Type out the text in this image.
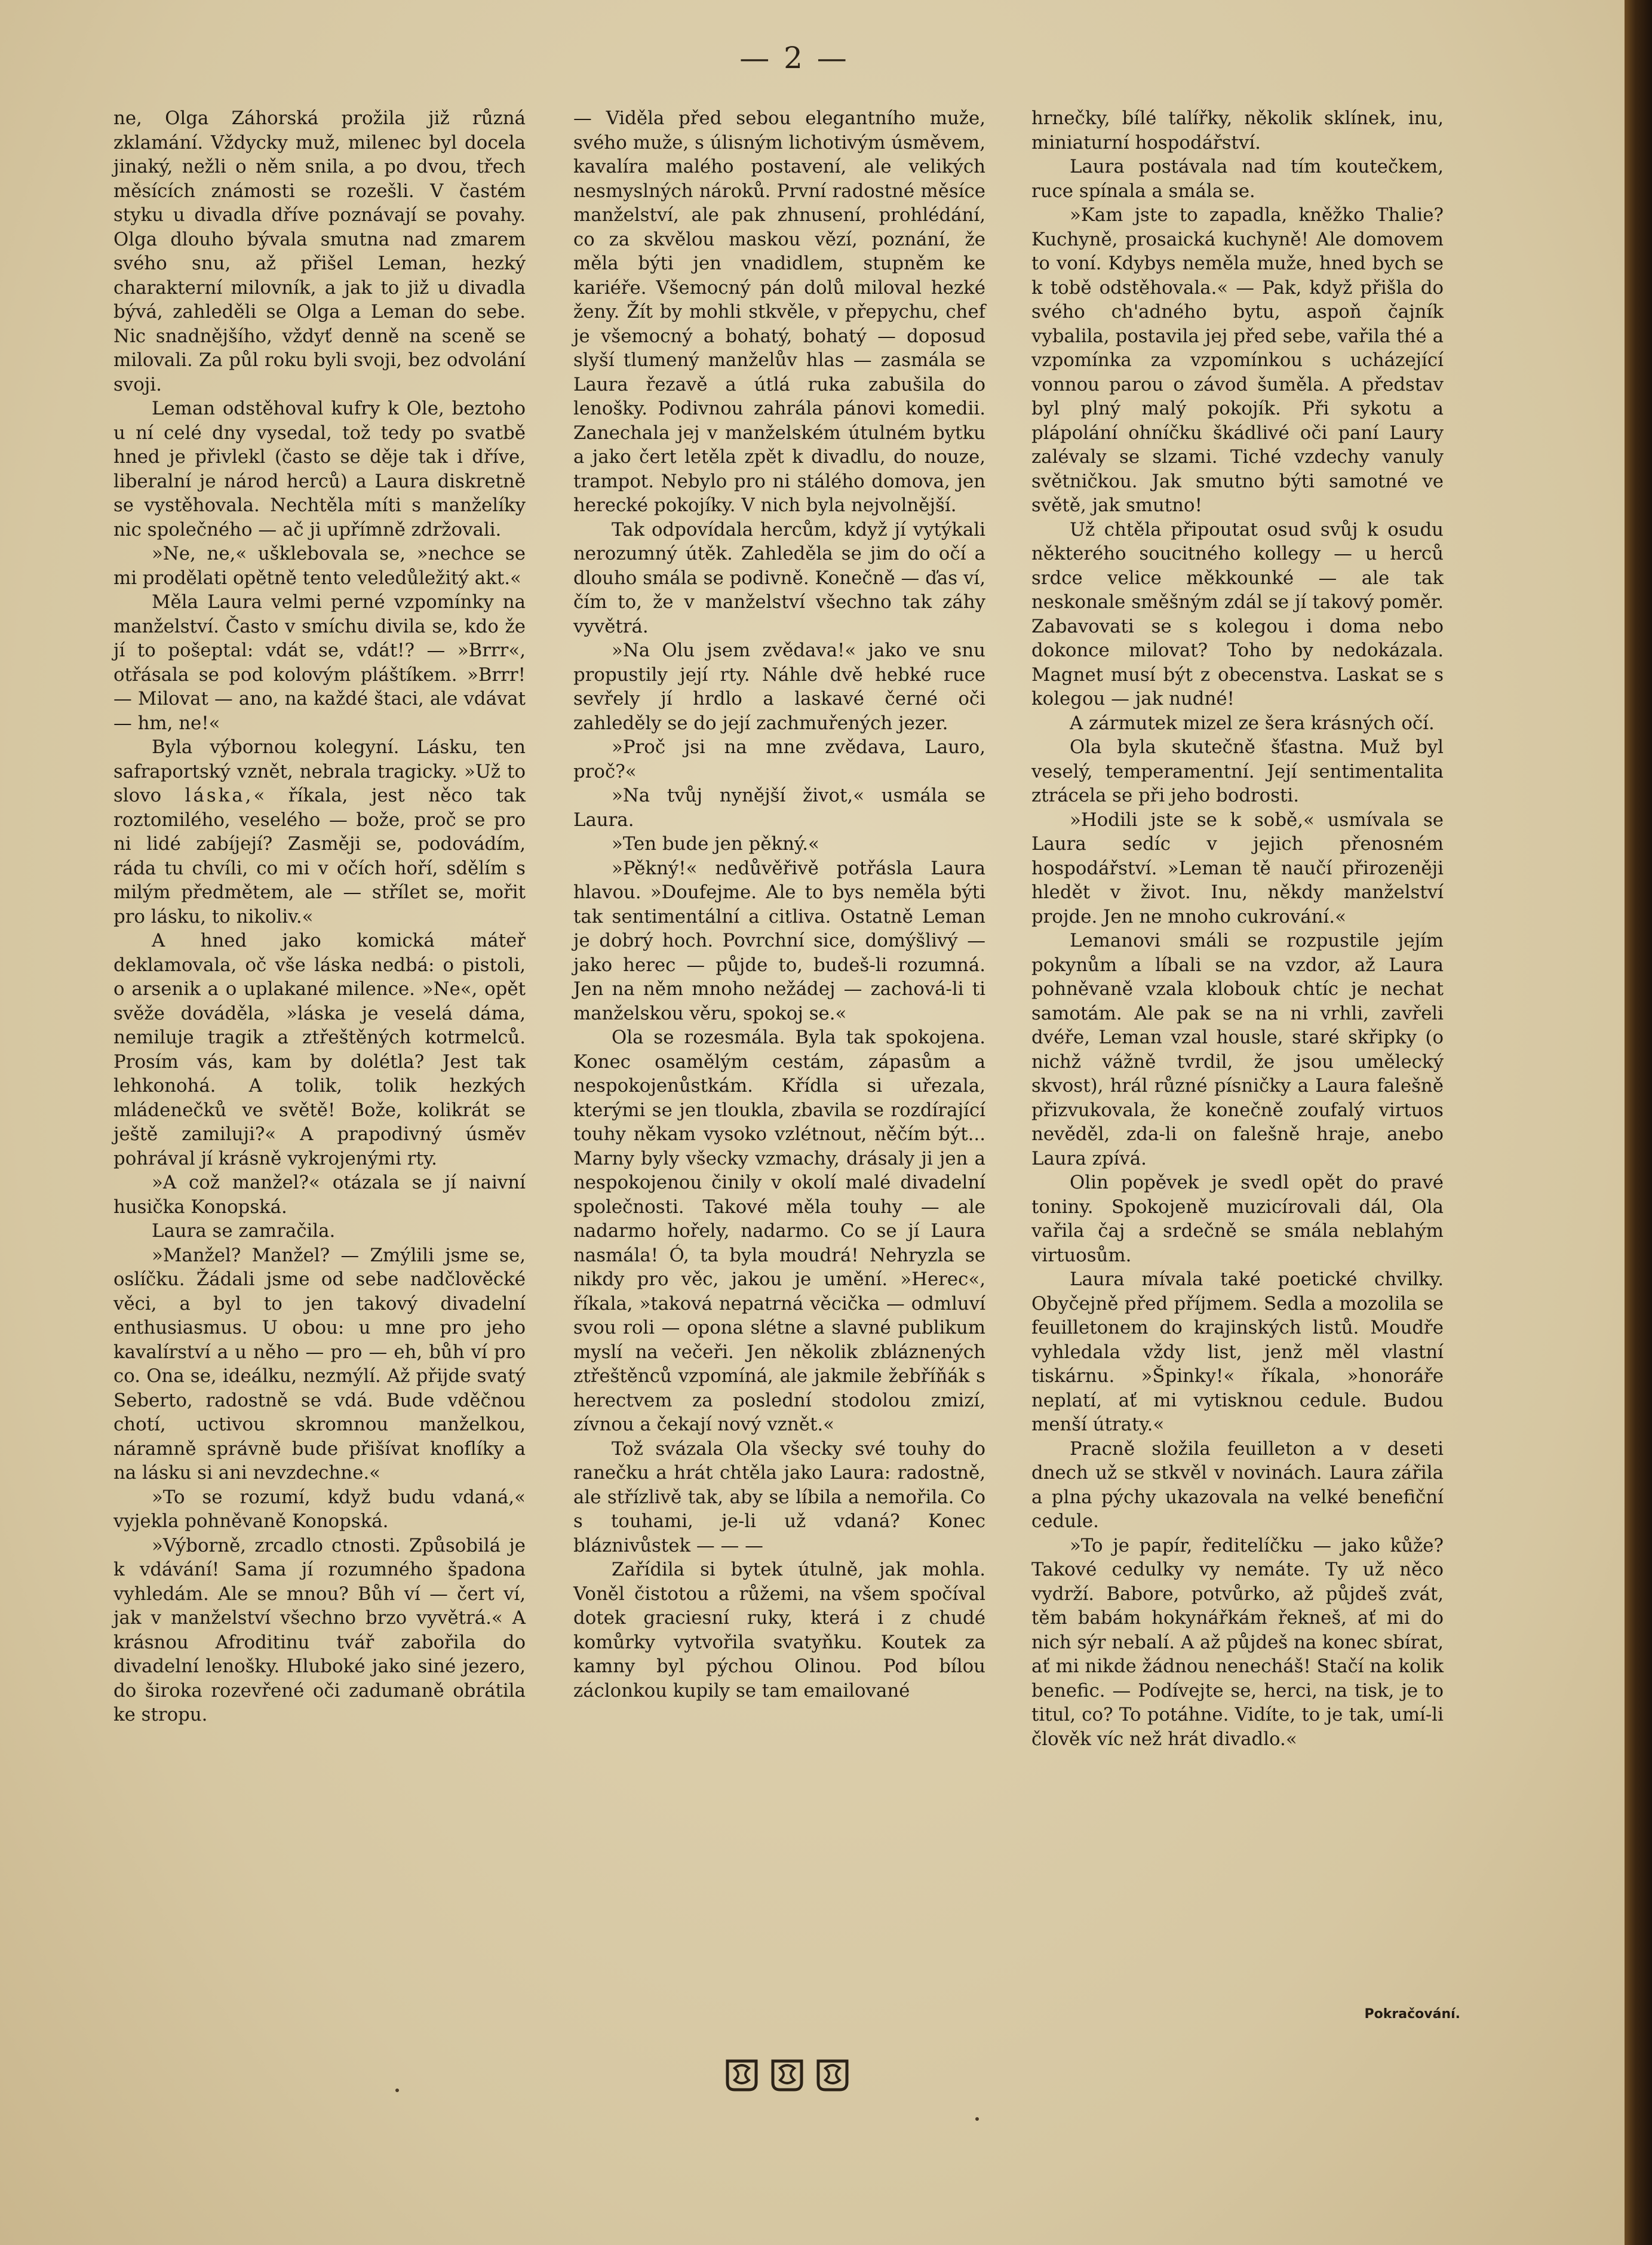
— 2 —

ne, Olga Záhorská prožila již různá zklamání. Vždycky muž, milenec byl docela jinaký, nežli o něm snila, a po dvou, třech měsících známosti se rozešli. V častém styku u divadla dříve poznávají se povahy. Olga dlouho bývala smutna nad zmarem svého snu, až přišel Leman, hezký charakterní milovník, a jak to již u divadla bývá, zahleděli se Olga a Leman do sebe. Nic snadnějšího, vždyť denně na sceně se milovali. Za půl roku byli svoji, bez odvolání svoji.

Leman odstěhoval kufry k Ole, beztoho u ní celé dny vysedal, tož tedy po svatbě hned je přivlekl (často se děje tak i dříve, liberalní je národ herců) a Laura diskretně se vystěhovala. Nechtěla míti s manželíky nic společného — ač ji upřímně zdržovali.

»Ne, ne,« ušklebovala se, »nechce se mi prodělati opětně tento veledůležitý akt.«

Měla Laura velmi perné vzpomínky na manželství. Často v smíchu divila se, kdo že jí to pošeptal: vdát se, vdát!? — »Brrr«, otřásala se pod kolovým pláštíkem. »Brrr! — Milovat — ano, na každé štaci, ale vdávat — hm, ne!«

Byla výbornou kolegyní. Lásku, ten safraportský vznět, nebrala tragicky. »Už to slovo láska,« říkala, jest něco tak roztomilého, veselého — bože, proč se pro ni lidé zabíjejí? Zasměji se, podovádím, ráda tu chvíli, co mi v očích hoří, sdělím s milým předmětem, ale — střílet se, mořit pro lásku, to nikoliv.«

A hned jako komická máteř deklamovala, oč vše láska nedbá: o pistoli, o arsenik a o uplakané milence. »Ne«, opět svěže dováděla, »láska je veselá dáma, nemiluje tragik a ztřeštěných kotrmelců. Prosím vás, kam by dolétla? Jest tak lehkonohá. A tolik, tolik hezkých mládenečků ve světě! Bože, kolikrát se ještě zamiluji?« A prapodivný úsměv pohrával jí krásně vykrojenými rty.

»A což manžel?« otázala se jí naivní husička Konopská.

Laura se zamračila.

»Manžel? Manžel? — Zmýlili jsme se, oslíčku. Žádali jsme od sebe nadčlověcké věci, a byl to jen takový divadelní enthusiasmus. U obou: u mne pro jeho kavalírství a u něho — pro — eh, bůh ví pro co. Ona se, ideálku, nezmýlí. Až přijde svatý Seberto, radostně se vdá. Bude vděčnou chotí, uctivou skromnou manželkou, náramně správně bude přišívat knoflíky a na lásku si ani nevzdechne.«

»To se rozumí, když budu vdaná,« vyjekla pohněvaně Konopská.

»Výborně, zrcadlo ctnosti. Způsobilá je k vdávání! Sama jí rozumného špadona vyhledám. Ale se mnou? Bůh ví — čert ví, jak v manželství všechno brzo vyvětrá.« A krásnou Afroditinu tvář zabořila do divadelní lenošky. Hluboké jako siné jezero, do široka rozevřené oči zadumaně obrátila ke stropu.

— Viděla před sebou elegantního muže, svého muže, s úlisným lichotivým úsměvem, kavalíra malého postavení, ale velikých nesmyslných nároků. První radostné měsíce manželství, ale pak zhnusení, prohlédání, co za skvělou maskou vězí, poznání, že měla býti jen vnadidlem, stupněm ke kariéře. Všemocný pán dolů miloval hezké ženy. Žít by mohli stkvěle, v přepychu, chef je všemocný a bohatý, bohatý — doposud slyší tlumený manželův hlas — zasmála se Laura řezavě a útlá ruka zabušila do lenošky. Podivnou zahrála pánovi komedii. Zanechala jej v manželském útulném bytku a jako čert letěla zpět k divadlu, do nouze, trampot. Nebylo pro ni stálého domova, jen herecké pokojíky. V nich byla nejvolnější.

Tak odpovídala hercům, když jí vytýkali nerozumný útěk. Zahleděla se jim do očí a dlouho smála se podivně. Konečně — ďas ví, čím to, že v manželství všechno tak záhy vyvětrá.

»Na Olu jsem zvědava!« jako ve snu propustily její rty. Náhle dvě hebké ruce sevřely jí hrdlo a laskavé černé oči zahleděly se do její zachmuřených jezer.

»Proč jsi na mne zvědava, Lauro, proč?«

»Na tvůj nynější život,« usmála se Laura.

»Ten bude jen pěkný.«

»Pěkný!« nedůvěřivě potřásla Laura hlavou. »Doufejme. Ale to bys neměla býti tak sentimentální a citliva. Ostatně Leman je dobrý hoch. Povrchní sice, domýšlivý — jako herec — půjde to, budeš-li rozumná. Jen na něm mnoho nežádej — zachová-li ti manželskou věru, spokoj se.«

Ola se rozesmála. Byla tak spokojena. Konec osamělým cestám, zápasům a nespokojenůstkám. Křídla si uřezala, kterými se jen tloukla, zbavila se rozdírající touhy někam vysoko vzlétnout, něčím být... Marny byly všecky vzmachy, drásaly ji jen a nespokojenou činily v okolí malé divadelní společnosti. Takové měla touhy — ale nadarmo hořely, nadarmo. Co se jí Laura nasmála! Ó, ta byla moudrá! Nehryzla se nikdy pro věc, jakou je umění. »Herec«, říkala, »taková nepatrná věcička — odmluví svou roli — opona slétne a slavné publikum myslí na večeři. Jen několik zbláznených ztřeštěnců vzpomíná, ale jakmile žebříňák s herectvem za poslední stodolou zmizí, zívnou a čekají nový vznět.«

Tož svázala Ola všecky své touhy do ranečku a hrát chtěla jako Laura: radostně, ale střízlivě tak, aby se líbila a nemořila. Co s touhami, je-li už vdaná? Konec bláznivůstek — — —

Zařídila si bytek útulně, jak mohla. Voněl čistotou a růžemi, na všem spočíval dotek graciesní ruky, která i z chudé komůrky vytvořila svatyňku. Koutek za kamny byl pýchou Olinou. Pod bílou záclonkou kupily se tam emailované

hrnečky, bílé talířky, několik sklínek, inu, miniaturní hospodářství.

Laura postávala nad tím koutečkem, ruce spínala a smála se.

»Kam jste to zapadla, kněžko Thalie? Kuchyně, prosaická kuchyně! Ale domovem to voní. Kdybys neměla muže, hned bych se k tobě odstěhovala.« — Pak, když přišla do svého ch'adného bytu, aspoň čajník vybalila, postavila jej před sebe, vařila thé a vzpomínka za vzpomínkou s ucházející vonnou parou o závod šuměla. A představ byl plný malý pokojík. Při sykotu a plápolání ohníčku škádlivé oči paní Laury zalévaly se slzami. Tiché vzdechy vanuly světničkou. Jak smutno býti samotné ve světě, jak smutno!

Už chtěla připoutat osud svůj k osudu některého soucitného kollegy — u herců srdce velice měkkounké — ale tak neskonale směšným zdál se jí takový poměr. Zabavovati se s kolegou i doma nebo dokonce milovat? Toho by nedokázala. Magnet musí být z obecenstva. Laskat se s kolegou — jak nudné!

A zármutek mizel ze šera krásných očí.

Ola byla skutečně šťastna. Muž byl veselý, temperamentní. Její sentimentalita ztrácela se při jeho bodrosti.

»Hodili jste se k sobě,« usmívala se Laura sedíc v jejich přenosném hospodářství. »Leman tě naučí přirozeněji hledět v život. Inu, někdy manželství projde. Jen ne mnoho cukrování.«

Lemanovi smáli se rozpustile jejím pokynům a líbali se na vzdor, až Laura pohněvaně vzala klobouk chtíc je nechat samotám. Ale pak se na ni vrhli, zavřeli dvéře, Leman vzal housle, staré skřipky (o nichž vážně tvrdil, že jsou umělecký skvost), hrál různé písničky a Laura falešně přizvukovala, že konečně zoufalý virtuos nevěděl, zda-li on falešně hraje, anebo Laura zpívá.

Olin popěvek je svedl opět do pravé toniny. Spokojeně muzicírovali dál, Ola vařila čaj a srdečně se smála neblahým virtuosům.

Laura mívala také poetické chvilky. Obyčejně před příjmem. Sedla a mozolila se feuilletonem do krajinských listů. Moudře vyhledala vždy list, jenž měl vlastní tiskárnu. »Špinky!« říkala, »honoráře neplatí, ať mi vytisknou cedule. Budou menší útraty.«

Pracně složila feuilleton a v deseti dnech už se stkvěl v novinách. Laura zářila a plna pýchy ukazovala na velké benefiční cedule.

»To je papír, ředitelíčku — jako kůže? Takové cedulky vy nemáte. Ty už něco vydrží. Babore, potvůrko, až půjdeš zvát, těm babám hokynářkám řekneš, ať mi do nich sýr nebalí. A až půjdeš na konec sbírat, ať mi nikde žádnou nenecháš! Stačí na kolik benefic. — Podívejte se, herci, na tisk, je to titul, co? To potáhne. Vidíte, to je tak, umí-li člověk víc než hrát divadlo.«

Pokračování.
